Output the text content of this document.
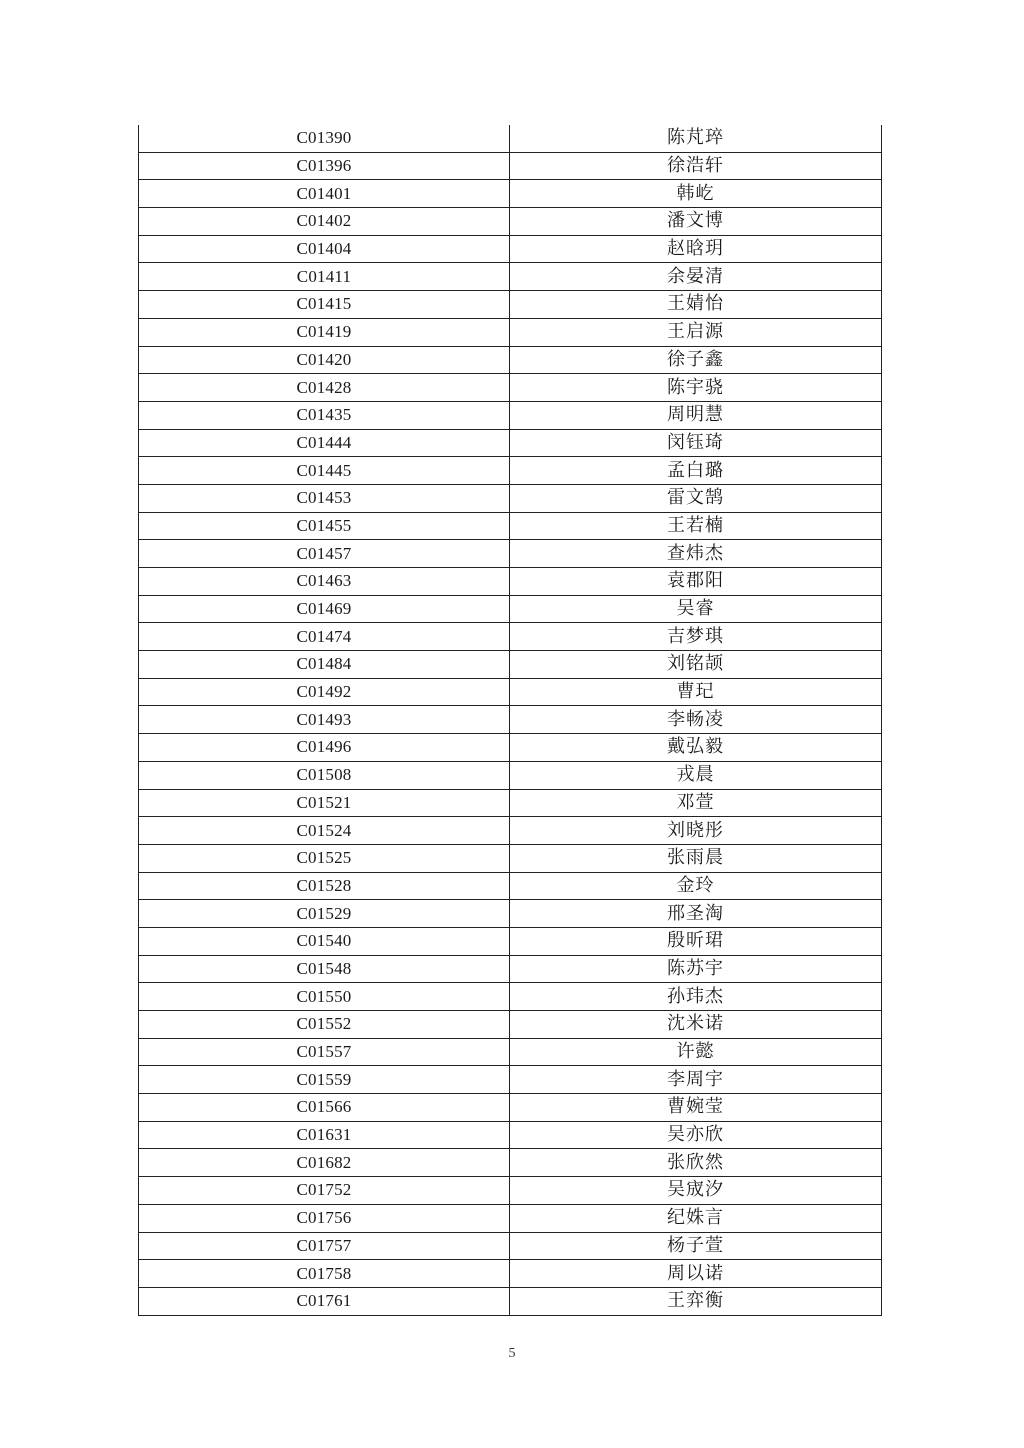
C01390	陈芃琗
C01396	徐浩轩
C01401	韩屹
C01402	潘文博
C01404	赵晗玥
C01411	余晏清
C01415	王婧怡
C01419	王启源
C01420	徐子鑫
C01428	陈宇骁
C01435	周明慧
C01444	闵钰琦
C01445	孟白璐
C01453	雷文鹄
C01455	王若楠
C01457	查炜杰
C01463	袁郡阳
C01469	吴睿
C01474	吉梦琪
C01484	刘铭颉
C01492	曹玘
C01493	李畅凌
C01496	戴弘毅
C01508	戎晨
C01521	邓萱
C01524	刘晓彤
C01525	张雨晨
C01528	金玲
C01529	邢圣淘
C01540	殷昕珺
C01548	陈苏宇
C01550	孙玮杰
C01552	沈米诺
C01557	许懿
C01559	李周宇
C01566	曹婉莹
C01631	吴亦欣
C01682	张欣然
C01752	吴宬汐
C01756	纪姝言
C01757	杨子萱
C01758	周以诺
C01761	王弈衡
5
